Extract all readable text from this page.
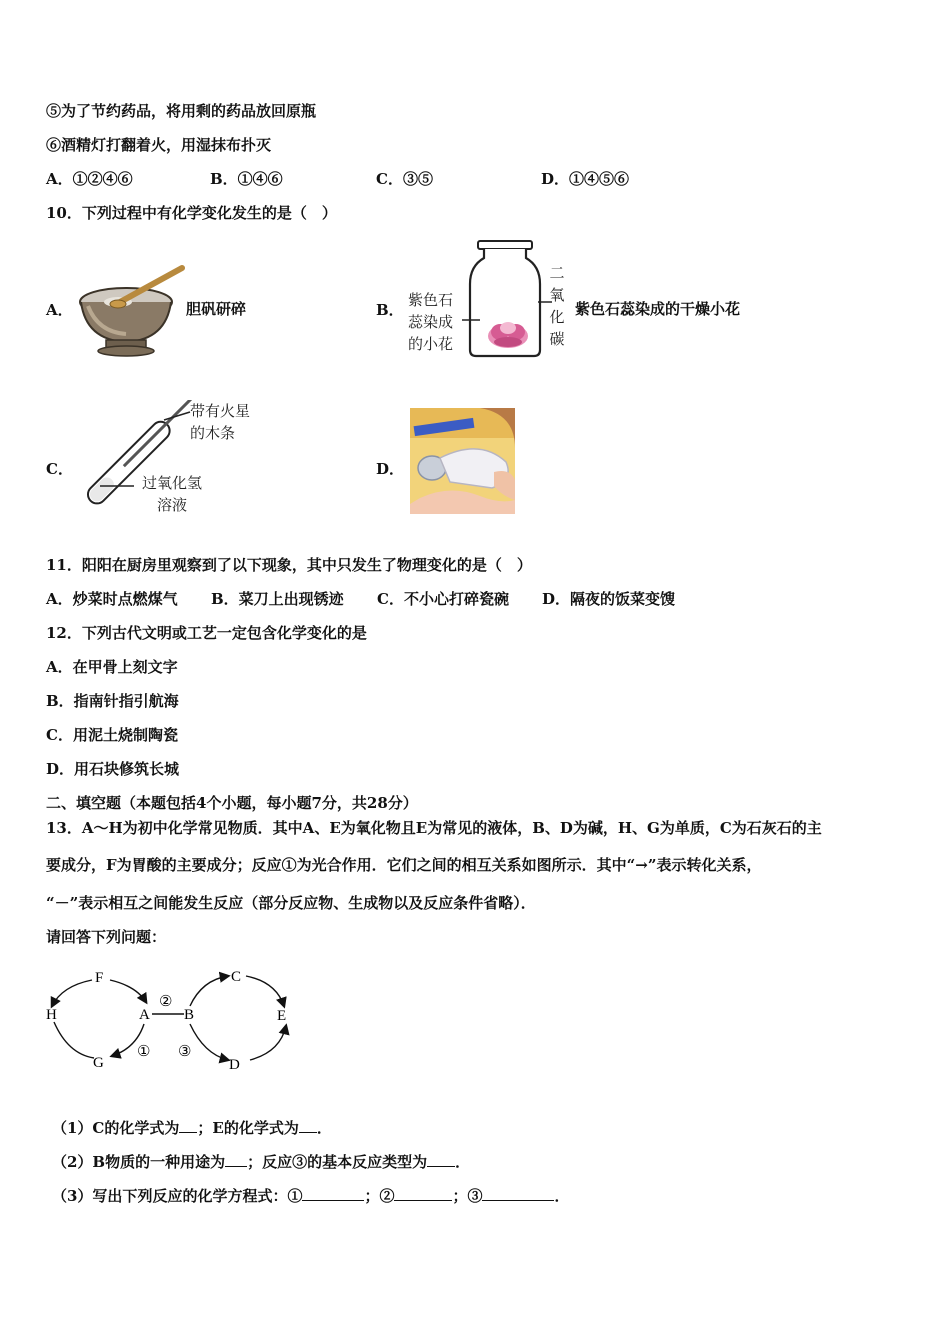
⑤为了节约药品，将用剩的药品放回原瓶
⑥酒精灯打翻着火，用湿抹布扑灭
A．①②④⑥	B．①④⑥	C．③⑤	D．①④⑤⑥
10．下列过程中有化学变化发生的是（　）
A．	胆矾研碎	B．
紫色石
蕊染成
的小花
二
氧
化
碳
紫色石蕊染成的干燥小花
C．
带有火星
的木条
过氧化氢
溶液
D．
11．阳阳在厨房里观察到了以下现象，其中只发生了物理变化的是（　）
A．炒菜时点燃煤气 B．菜刀上出现锈迹 C．不小心打碎瓷碗 D．隔夜的饭菜变馊
12．下列古代文明或工艺一定包含化学变化的是
A．在甲骨上刻文字
B．指南针指引航海
C．用泥土烧制陶瓷
D．用石块修筑长城
二、填空题（本题包括4个小题，每小题7分，共28分）
13．A～H为初中化学常见物质．其中A、E为氧化物且E为常见的液体，B、D为碱，H、G为单质，C为石灰石的主
要成分，F为胃酸的主要成分；反应①为光合作用．它们之间的相互关系如图所示．其中“→”表示转化关系，
“－”表示相互之间能发生反应（部分反应物、生成物以及反应条件省略）．
请回答下列问题：
F
H	A B
G
C
E
D
②
① ③
（1）C的化学式为 ；E的化学式为 ．
（2）B物质的一种用途为 ；反应③的基本反应类型为 ．
（3）写出下列反应的化学方程式：①	；②	；③	．
